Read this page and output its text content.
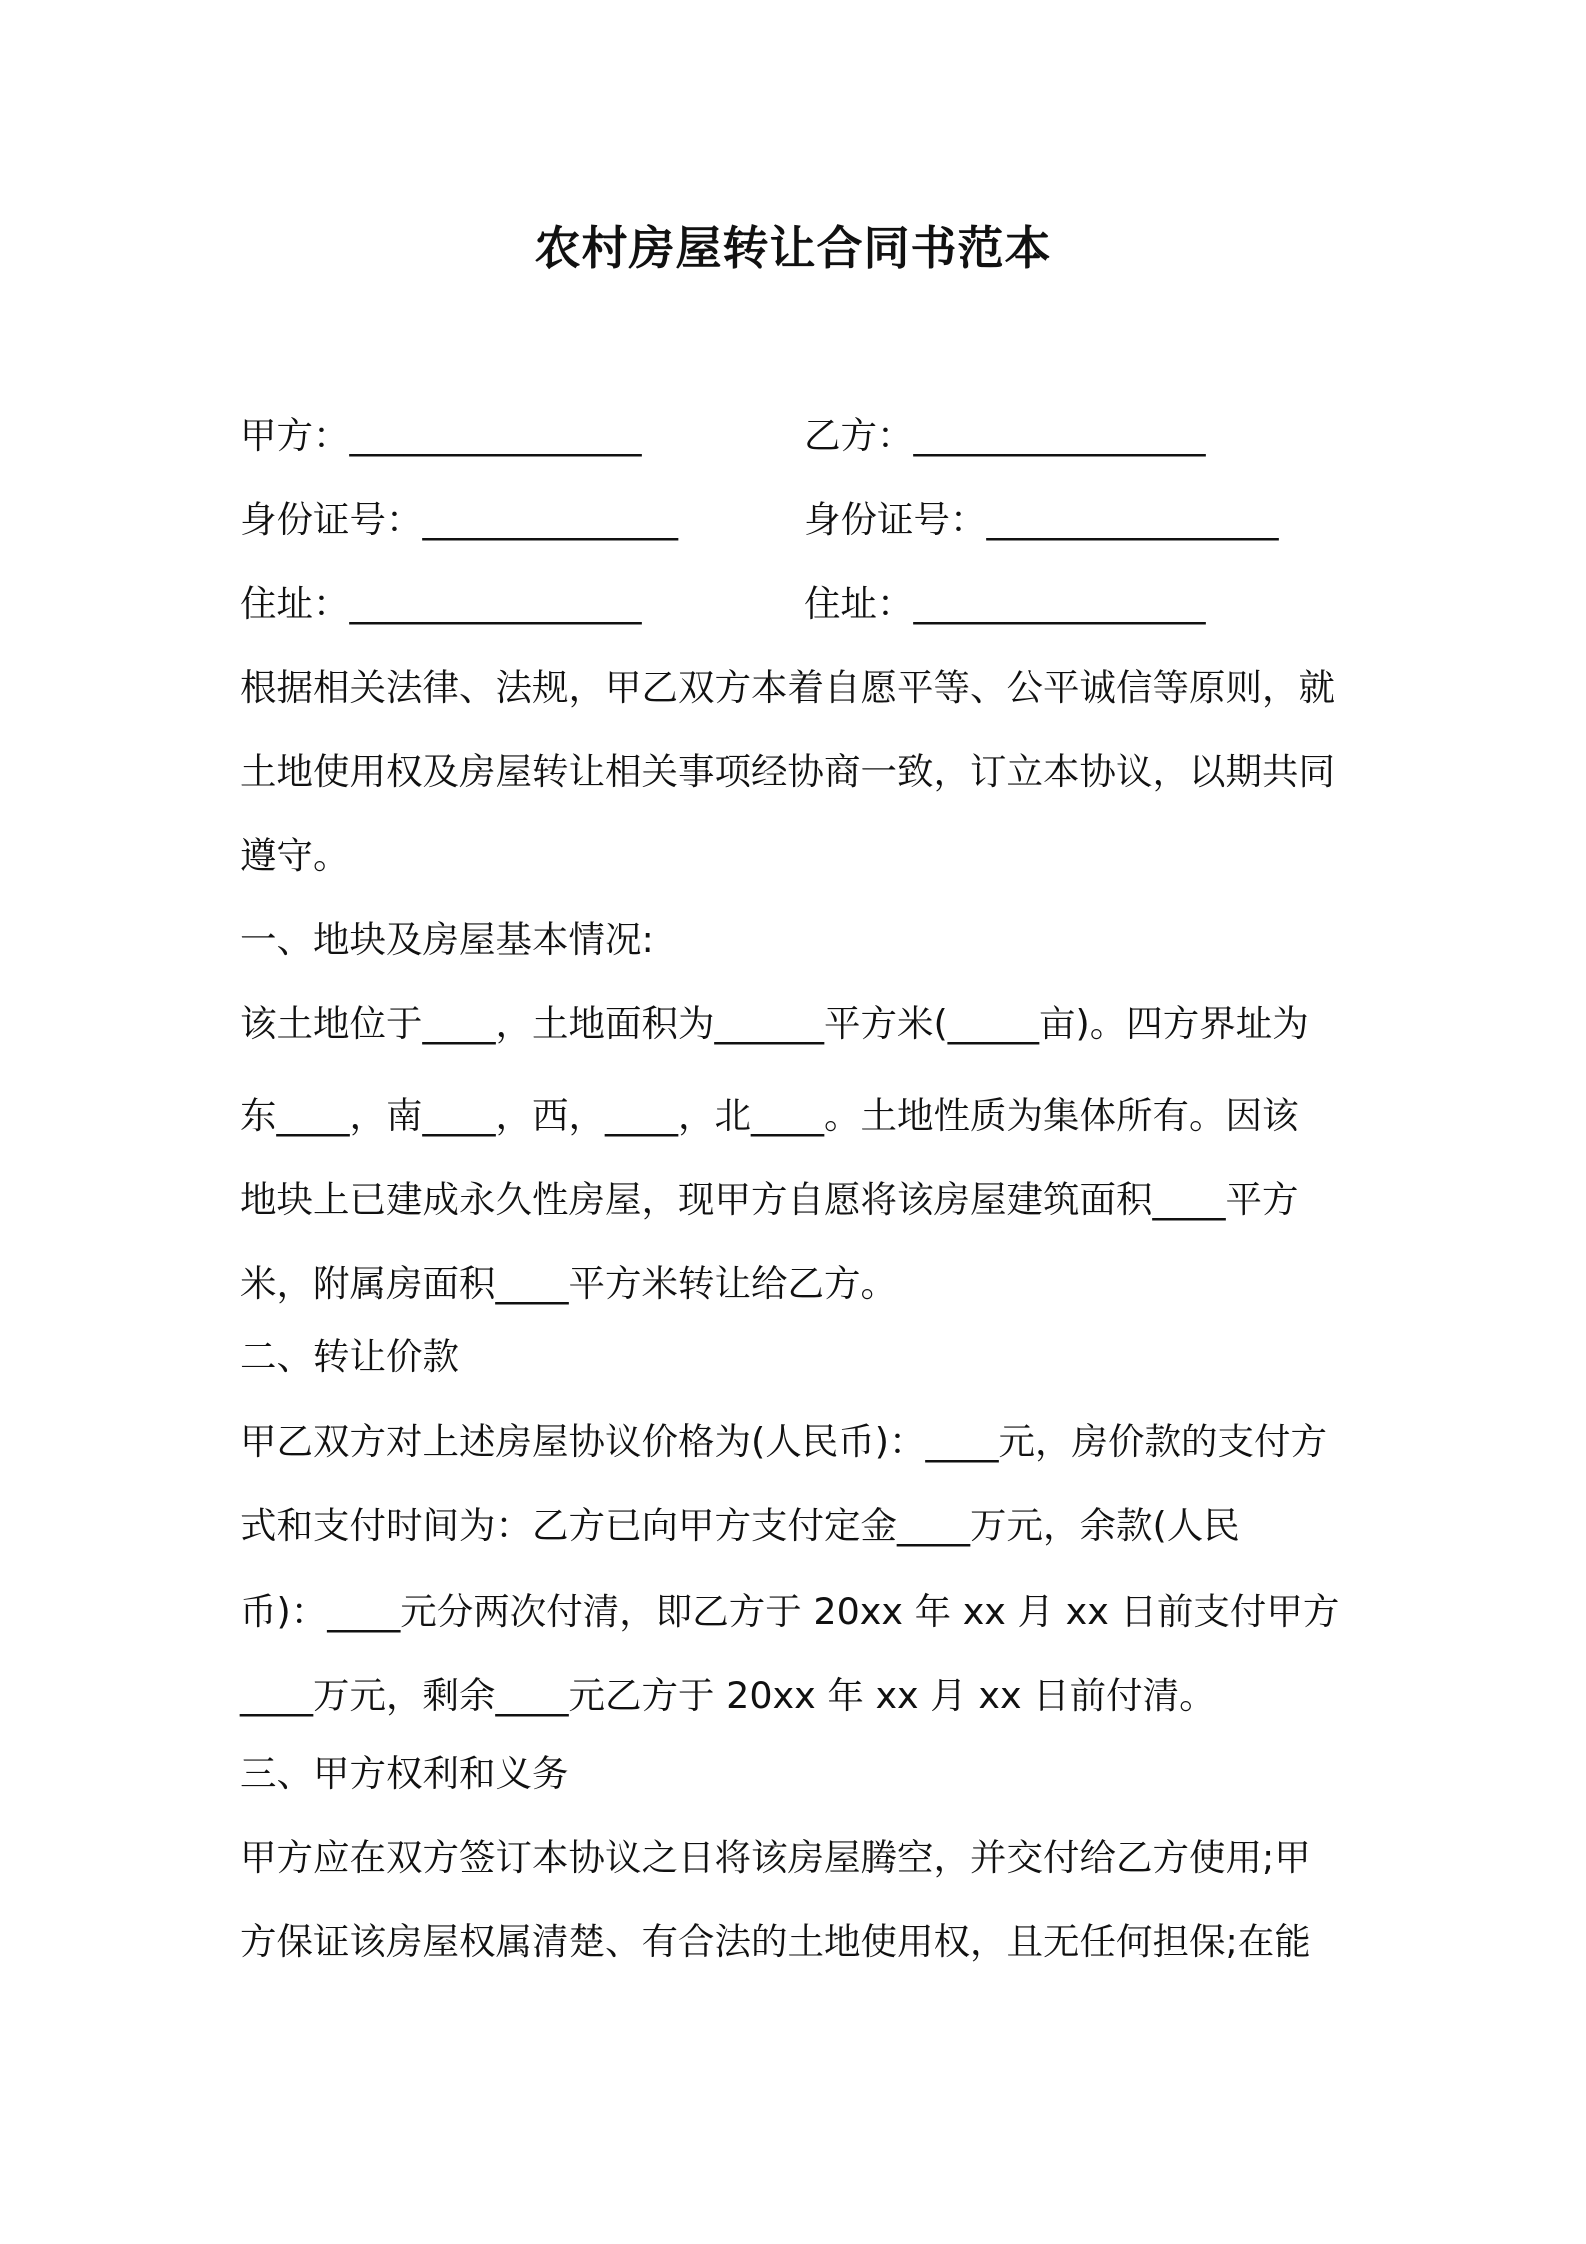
农村房屋转让合同书范本

甲方：________________	乙方：________________

身份证号：______________	身份证号：________________

住址：________________	住址：________________

根据相关法律、法规，甲乙双方本着自愿平等、公平诚信等原则，就

土地使用权及房屋转让相关事项经协商一致，订立本协议，以期共同

遵守。

一、地块及房屋基本情况:

该土地位于____，土地面积为______平方米(_____亩)。四方界址为

东____，南____，西，____，北____。土地性质为集体所有。因该

地块上已建成永久性房屋，现甲方自愿将该房屋建筑面积____平方

米，附属房面积____平方米转让给乙方。

二、转让价款

甲乙双方对上述房屋协议价格为(人民币)：____元，房价款的支付方

式和支付时间为：乙方已向甲方支付定金____万元，余款(人民

币)：____元分两次付清，即乙方于 20xx 年 xx 月 xx 日前支付甲方

____万元，剩余____元乙方于 20xx 年 xx 月 xx 日前付清。

三、甲方权利和义务

甲方应在双方签订本协议之日将该房屋腾空，并交付给乙方使用;甲

方保证该房屋权属清楚、有合法的土地使用权，且无任何担保;在能
